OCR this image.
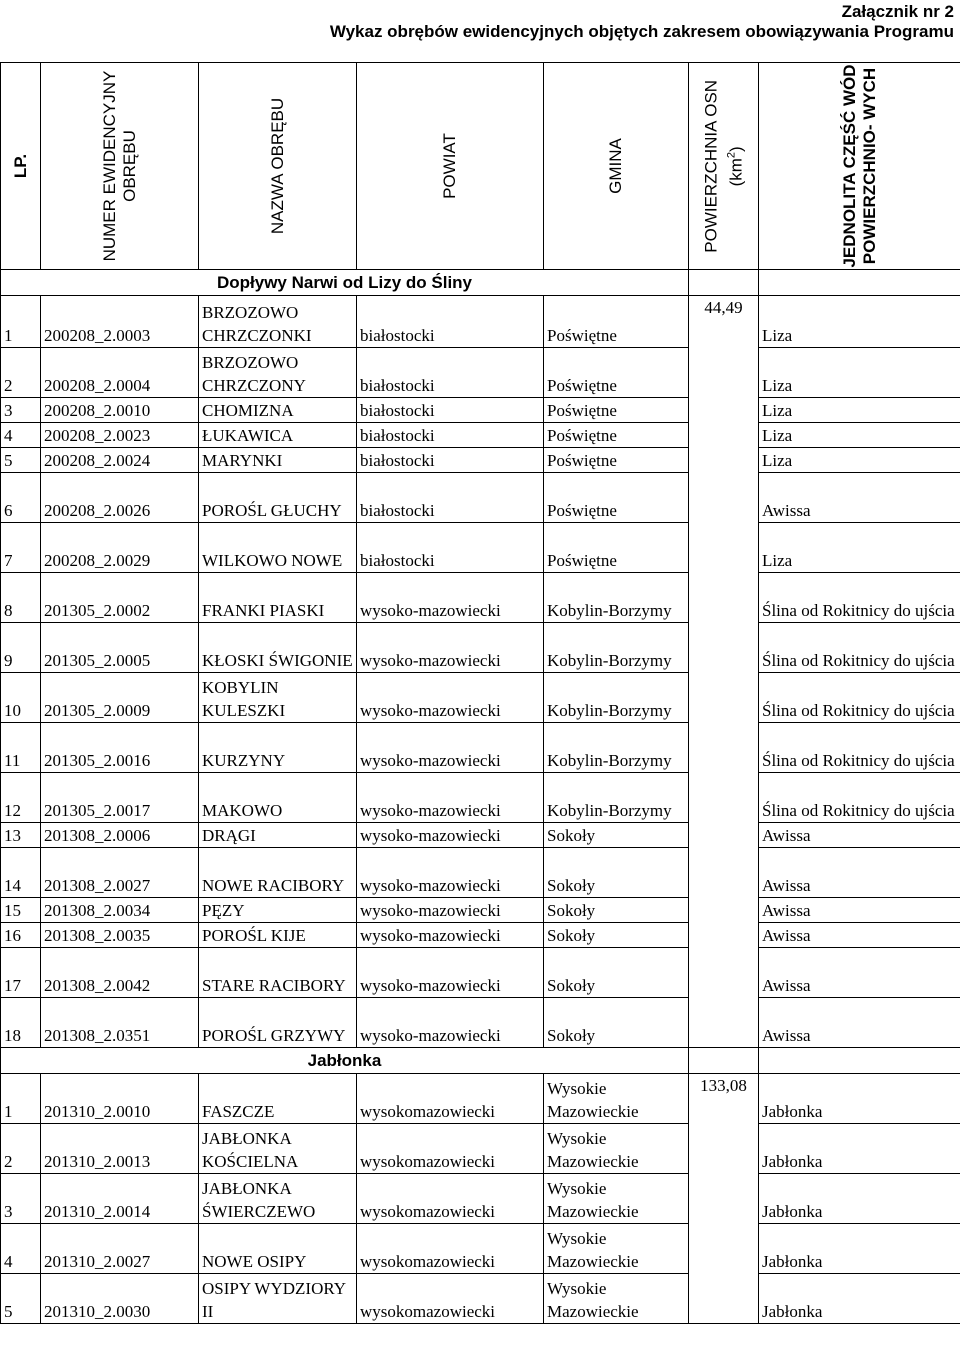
Załącznik nr 2
Wykaz obrębów ewidencyjnych objętych zakresem obowiązywania Programu
LP.	NUMER EWIDENCYJNY OBRĘBU	NAZWA OBRĘBU	POWIAT	GMINA	POWIERZCHNIA OSN $(km^2)$	JEDNOLITA CZĘŚĆ WÓD POWIERZCHNIO- WYCH

Dopływy Narwi od Lizy do Śliny						
1	200208_2.0003	BRZOZOWO CHRZCZONKI	białostocki	Poświętne	44,49	Liza
2	200208_2.0004	BRZOZOWO CHRZCZONY	białostocki	Poświętne		Liza
3	200208_2.0010	CHOMIZNA	białostocki	Poświętne		Liza
4	200208_2.0023	ŁUKAWICA	białostocki	Poświętne		Liza
5	200208_2.0024	MARYNKI	białostocki	Poświętne		Liza
6	200208_2.0026	POROŚL GŁUCHY	białostocki	Poświętne		Awissa
7	200208_2.0029	WILKOWO NOWE	białostocki	Poświętne		Liza
8	201305_2.0002	FRANKI PIASKI	wysoko-mazowiecki	Kobylin-Borzymy		Ślina od Rokitnicy do ujścia
9	201305_2.0005	KŁOSKI ŚWIGONIE	wysoko-mazowiecki	Kobylin-Borzymy		Ślina od Rokitnicy do ujścia
10	201305_2.0009	KOBYLIN KULESZKI	wysoko-mazowiecki	Kobylin-Borzymy		Ślina od Rokitnicy do ujścia
11	201305_2.0016	KURZYNY	wysoko-mazowiecki	Kobylin-Borzymy		Ślina od Rokitnicy do ujścia
12	201305_2.0017	MAKOWO	wysoko-mazowiecki	Kobylin-Borzymy		Ślina od Rokitnicy do ujścia
13	201308_2.0006	DRĄGI	wysoko-mazowiecki	Sokoły		Awissa
14	201308_2.0027	NOWE RACIBORY	wysoko-mazowiecki	Sokoły		Awissa
15	201308_2.0034	PĘZY	wysoko-mazowiecki	Sokoły		Awissa
16	201308_2.0035	POROŚL KIJE	wysoko-mazowiecki	Sokoły		Awissa
17	201308_2.0042	STARE RACIBORY	wysoko-mazowiecki	Sokoły		Awissa
18	201308_2.0351	POROŚL GRZYWY	wysoko-mazowiecki	Sokoły		Awissa
Jabłonka						
1	201310_2.0010	FASZCZE	wysokomazowiecki	Wysokie Mazowieckie	133,08	Jabłonka
2	201310_2.0013	JABŁONKA KOŚCIELNA	wysokomazowiecki	Wysokie Mazowieckie		Jabłonka
3	201310_2.0014	JABŁONKA ŚWIERCZEWO	wysokomazowiecki	Wysokie Mazowieckie		Jabłonka
4	201310_2.0027	NOWE OSIPY	wysokomazowiecki	Wysokie Mazowieckie		Jabłonka
5	201310_2.0030	OSIPY WYDZIORY II	wysokomazowiecki	Wysokie Mazowieckie		Jabłonka
